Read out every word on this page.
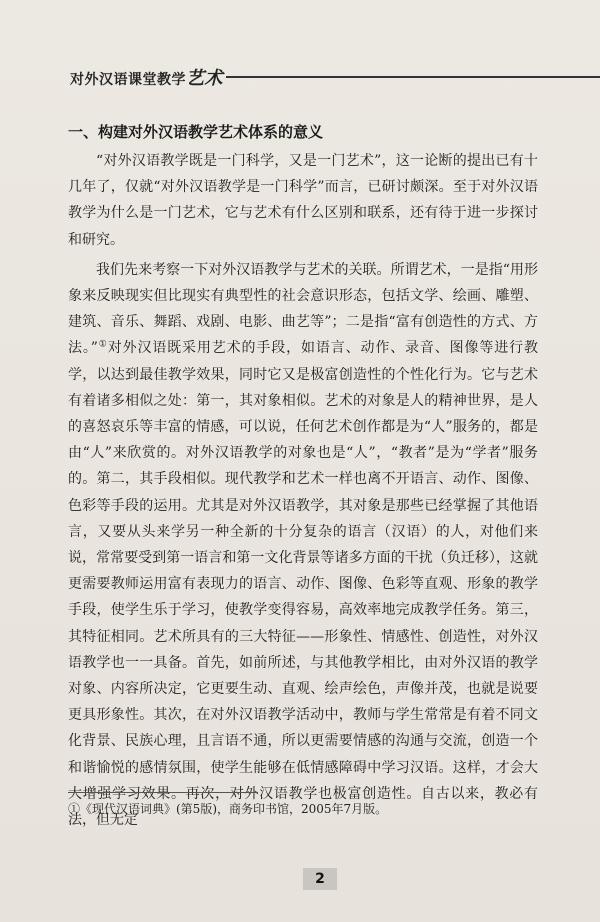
对外汉语课堂教学艺术
一、构建对外汉语教学艺术体系的意义

“对外汉语教学既是一门科学，又是一门艺术”，这一论断的提出已有十几年了，仅就“对外汉语教学是一门科学”而言，已研讨颇深。至于对外汉语教学为什么是一门艺术，它与艺术有什么区别和联系，还有待于进一步探讨和研究。

我们先来考察一下对外汉语教学与艺术的关联。所谓艺术，一是指“用形象来反映现实但比现实有典型性的社会意识形态，包括文学、绘画、雕塑、建筑、音乐、舞蹈、戏剧、电影、曲艺等”；二是指“富有创造性的方式、方法。”①对外汉语既采用艺术的手段，如语言、动作、录音、图像等进行教学，以达到最佳教学效果，同时它又是极富创造性的个性化行为。它与艺术有着诸多相似之处：第一，其对象相似。艺术的对象是人的精神世界，是人的喜怒哀乐等丰富的情感，可以说，任何艺术创作都是为“人”服务的，都是由“人”来欣赏的。对外汉语教学的对象也是“人”，“教者”是为“学者”服务的。第二，其手段相似。现代教学和艺术一样也离不开语言、动作、图像、色彩等手段的运用。尤其是对外汉语教学，其对象是那些已经掌握了其他语言，又要从头来学另一种全新的十分复杂的语言（汉语）的人，对他们来说，常常要受到第一语言和第一文化背景等诸多方面的干扰（负迁移），这就更需要教师运用富有表现力的语言、动作、图像、色彩等直观、形象的教学手段，使学生乐于学习，使教学变得容易，高效率地完成教学任务。第三，其特征相同。艺术所具有的三大特征——形象性、情感性、创造性，对外汉语教学也一一具备。首先，如前所述，与其他教学相比，由对外汉语的教学对象、内容所决定，它更要生动、直观、绘声绘色，声像并茂，也就是说要更具形象性。其次，在对外汉语教学活动中，教师与学生常常是有着不同文化背景、民族心理，且言语不通，所以更需要情感的沟通与交流，创造一个和谐愉悦的感情氛围，使学生能够在低情感障碍中学习汉语。这样，才会大大增强学习效果。再次，对外汉语教学也极富创造性。自古以来，教必有法，但无定

①《现代汉语词典》(第5版)，商务印书馆，2005年7月版。
2
